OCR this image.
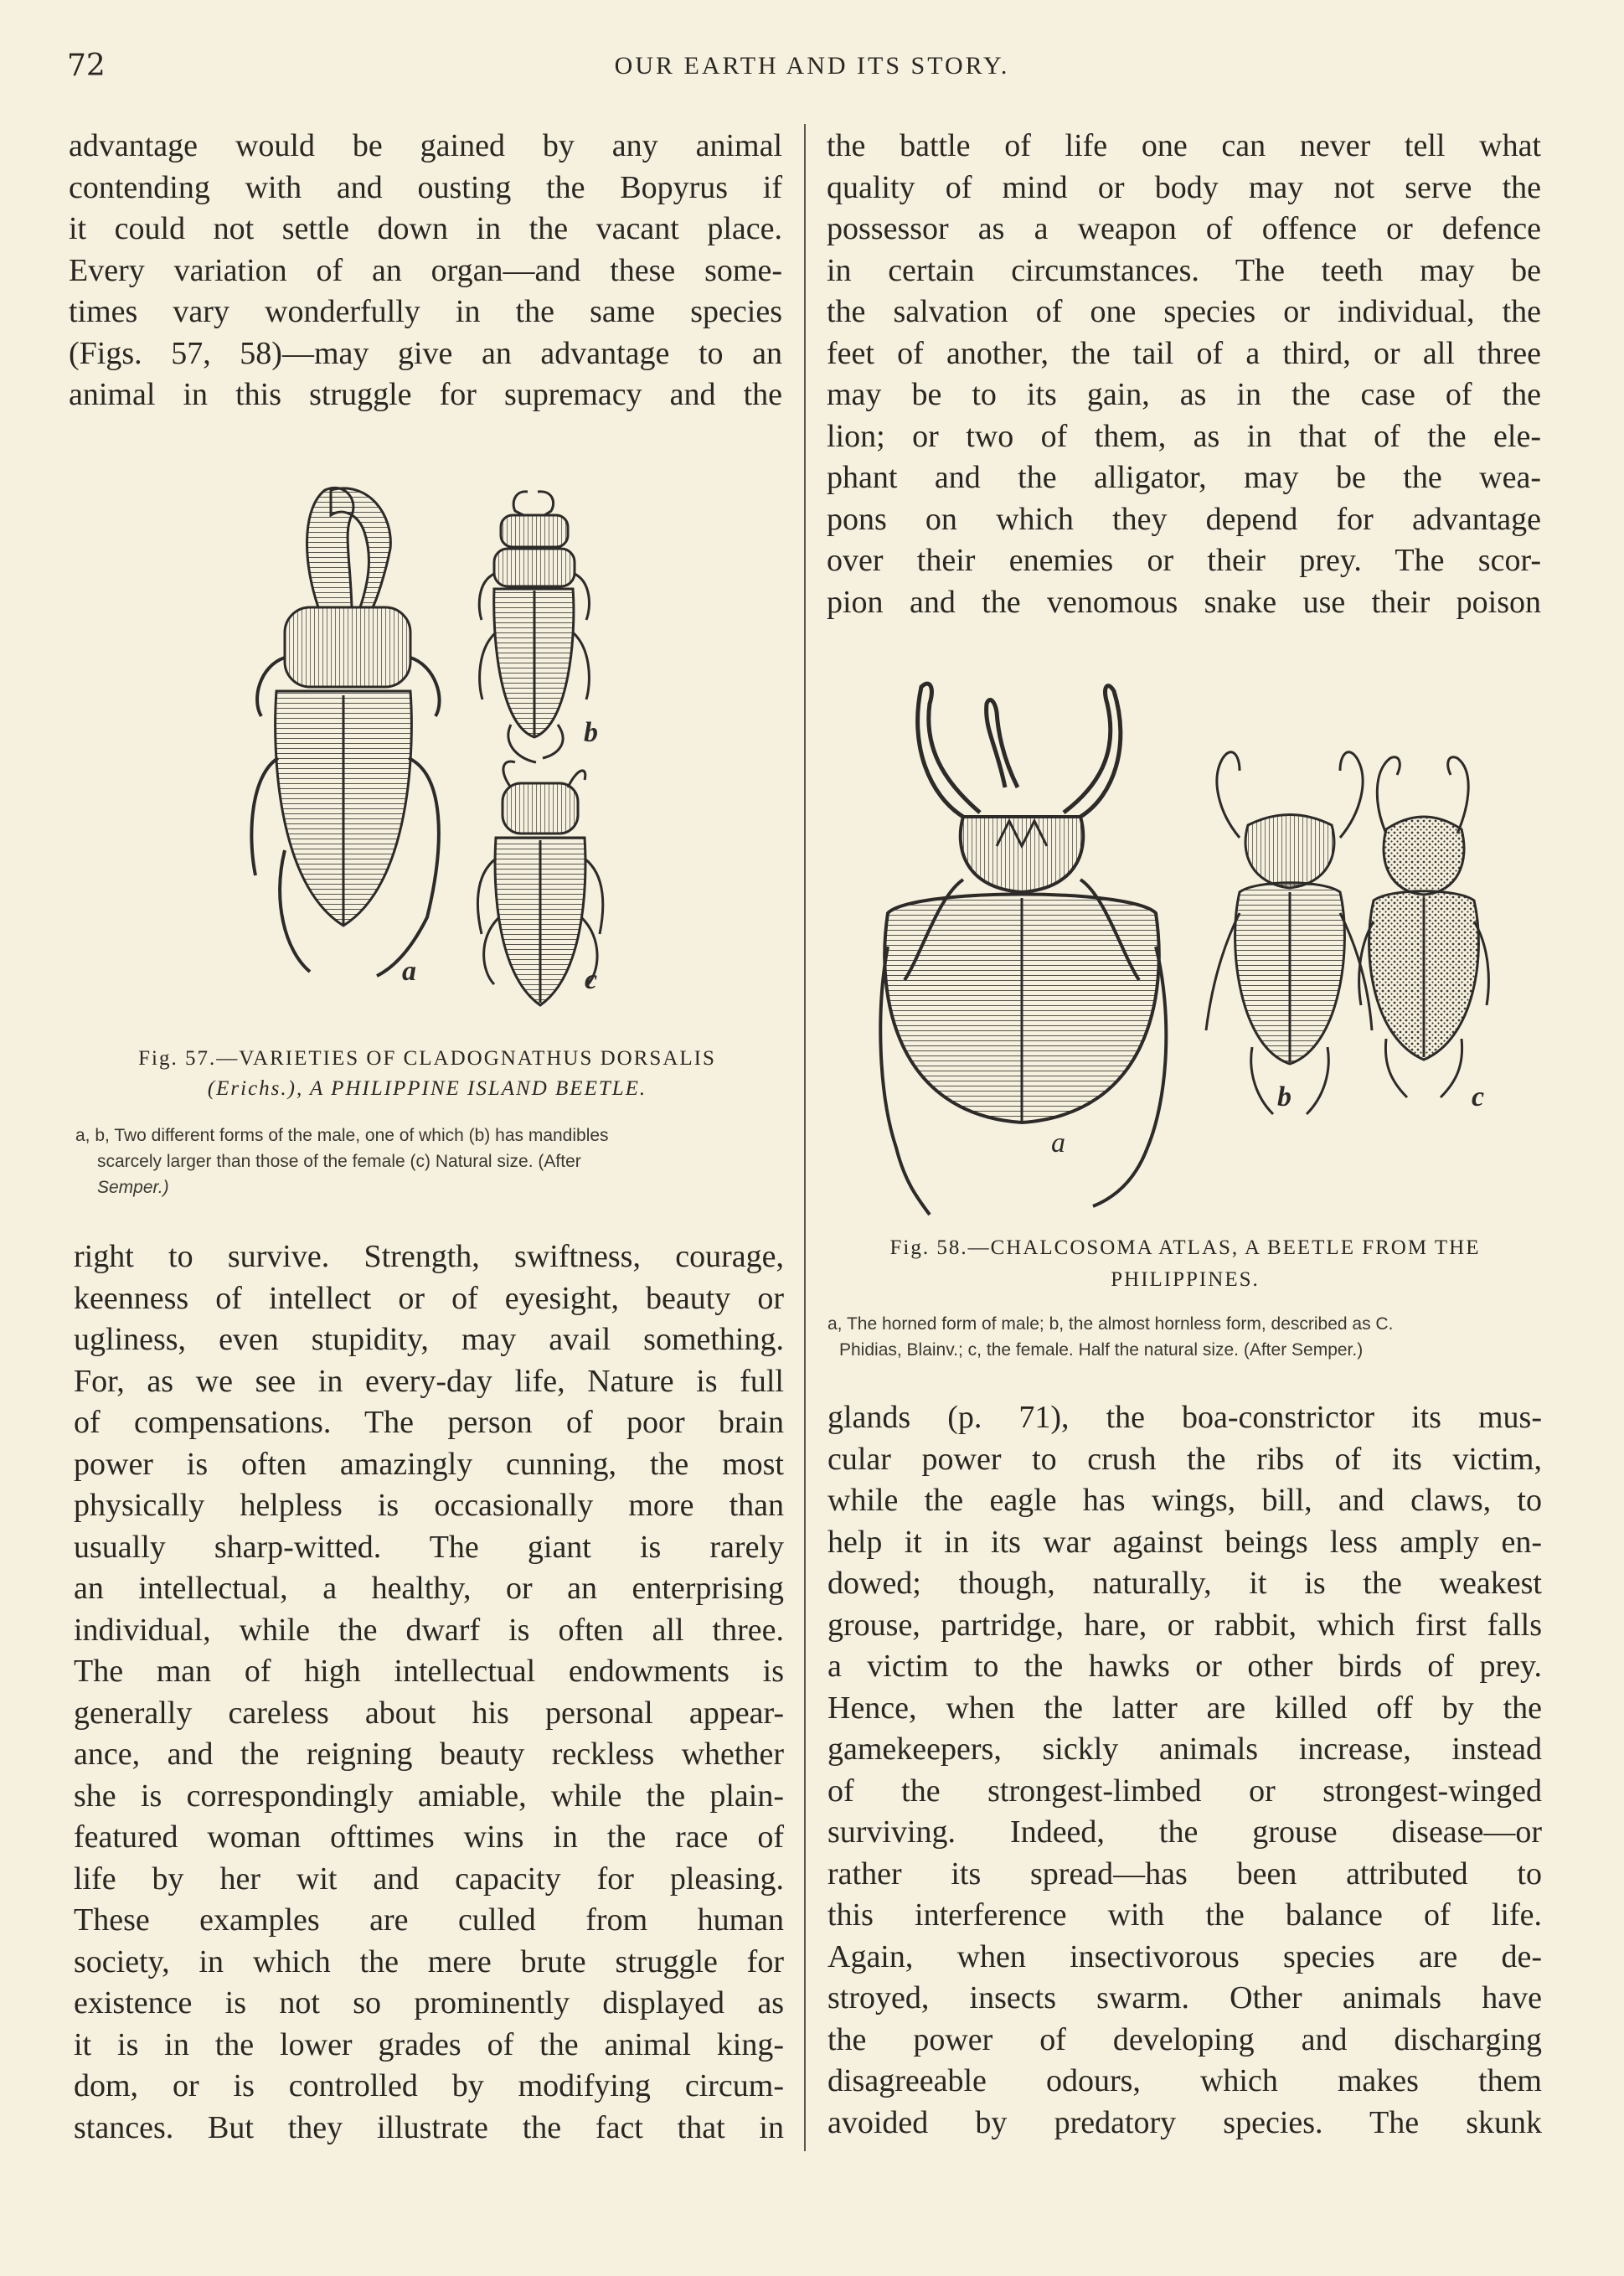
72	OUR EARTH AND ITS STORY.
advantage would be gained by any animal
contending with and ousting the Bopyrus if
it could not settle down in the vacant place.
Every variation of an organ—and these some-
times vary wonderfully in the same species
(Figs. 57, 58)—may give an advantage to an
animal in this struggle for supremacy and the
a
b
c
Fig. 57.—VARIETIES OF CLADOGNATHUS DORSALIS
(Erichs.), A PHILIPPINE ISLAND BEETLE.
a, b, Two different forms of the male, one of which (b) has mandibles
scarcely larger than those of the female (c) Natural size. (After
Semper.)
right to survive. Strength, swiftness, courage,
keenness of intellect or of eyesight, beauty or
ugliness, even stupidity, may avail something.
For, as we see in every-day life, Nature is full
of compensations. The person of poor brain
power is often amazingly cunning, the most
physically helpless is occasionally more than
usually sharp-witted. The giant is rarely
an intellectual, a healthy, or an enterprising
individual, while the dwarf is often all three.
The man of high intellectual endowments is
generally careless about his personal appear-
ance, and the reigning beauty reckless whether
she is correspondingly amiable, while the plain-
featured woman ofttimes wins in the race of
life by her wit and capacity for pleasing.
These examples are culled from human
society, in which the mere brute struggle for
existence is not so prominently displayed as
it is in the lower grades of the animal king-
dom, or is controlled by modifying circum-
stances. But they illustrate the fact that in
the battle of life one can never tell what
quality of mind or body may not serve the
possessor as a weapon of offence or defence
in certain circumstances. The teeth may be
the salvation of one species or individual, the
feet of another, the tail of a third, or all three
may be to its gain, as in the case of the
lion; or two of them, as in that of the ele-
phant and the alligator, may be the wea-
pons on which they depend for advantage
over their enemies or their prey. The scor-
pion and the venomous snake use their poison
a
b	c
Fig. 58.—CHALCOSOMA ATLAS, A BEETLE FROM THE
PHILIPPINES.
a, The horned form of male; b, the almost hornless form, described as C.
Phidias, Blainv.; c, the female. Half the natural size. (After Semper.)
glands (p. 71), the boa-constrictor its mus-
cular power to crush the ribs of its victim,
while the eagle has wings, bill, and claws, to
help it in its war against beings less amply en-
dowed; though, naturally, it is the weakest
grouse, partridge, hare, or rabbit, which first falls
a victim to the hawks or other birds of prey.
Hence, when the latter are killed off by the
gamekeepers, sickly animals increase, instead
of the strongest-limbed or strongest-winged
surviving. Indeed, the grouse disease—or
rather its spread—has been attributed to
this interference with the balance of life.
Again, when insectivorous species are de-
stroyed, insects swarm. Other animals have
the power of developing and discharging
disagreeable odours, which makes them
avoided by predatory species. The skunk
